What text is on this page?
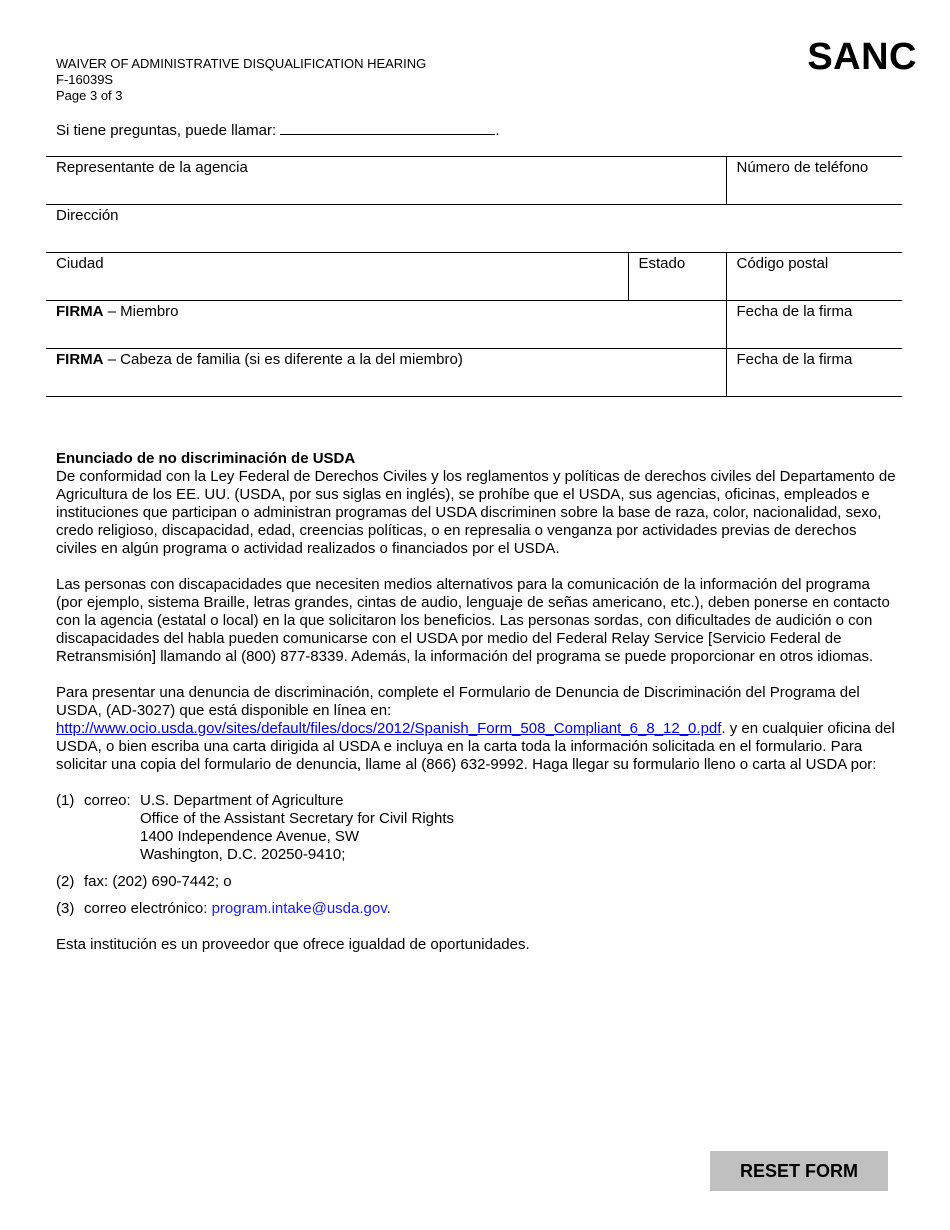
WAIVER OF ADMINISTRATIVE DISQUALIFICATION HEARING
F-16039S
Page 3 of 3
SANC
Si tiene preguntas, puede llamar:	.
Representante de la agencia		Número de teléfono
Dirección		
Ciudad	Estado	Código postal
FIRMA – Miembro		Fecha de la firma
FIRMA – Cabeza de familia (si es diferente a la del miembro)		Fecha de la firma
Enunciado de no discriminación de USDA

De conformidad con la Ley Federal de Derechos Civiles y los reglamentos y políticas de derechos civiles del Departamento de Agricultura de los EE. UU. (USDA, por sus siglas en inglés), se prohíbe que el USDA, sus agencias, oficinas, empleados e instituciones que participan o administran programas del USDA discriminen sobre la base de raza, color, nacionalidad, sexo, credo religioso, discapacidad, edad, creencias políticas, o en represalia o venganza por actividades previas de derechos civiles en algún programa o actividad realizados o financiados por el USDA.

Las personas con discapacidades que necesiten medios alternativos para la comunicación de la información del programa (por ejemplo, sistema Braille, letras grandes, cintas de audio, lenguaje de señas americano, etc.), deben ponerse en contacto con la agencia (estatal o local) en la que solicitaron los beneficios. Las personas sordas, con dificultades de audición o con discapacidades del habla pueden comunicarse con el USDA por medio del Federal Relay Service [Servicio Federal de Retransmisión] llamando al (800) 877-8339. Además, la información del programa se puede proporcionar en otros idiomas.

Para presentar una denuncia de discriminación, complete el Formulario de Denuncia de Discriminación del Programa del USDA, (AD-3027) que está disponible en línea en:
http://www.ocio.usda.gov/sites/default/files/docs/2012/Spanish_Form_508_Compliant_6_8_12_0.pdf. y en cualquier oficina del USDA, o bien escriba una carta dirigida al USDA e incluya en la carta toda la información solicitada en el formulario. Para solicitar una copia del formulario de denuncia, llame al (866) 632-9992. Haga llegar su formulario lleno o carta al USDA por:

(1) correo: U.S. Department of Agriculture
Office of the Assistant Secretary for Civil Rights
1400 Independence Avenue, SW
Washington, D.C. 20250-9410;
(2) fax: (202) 690-7442; o
(3) correo electrónico: program.intake@usda.gov.

Esta institución es un proveedor que ofrece igualdad de oportunidades.

RESET FORM
